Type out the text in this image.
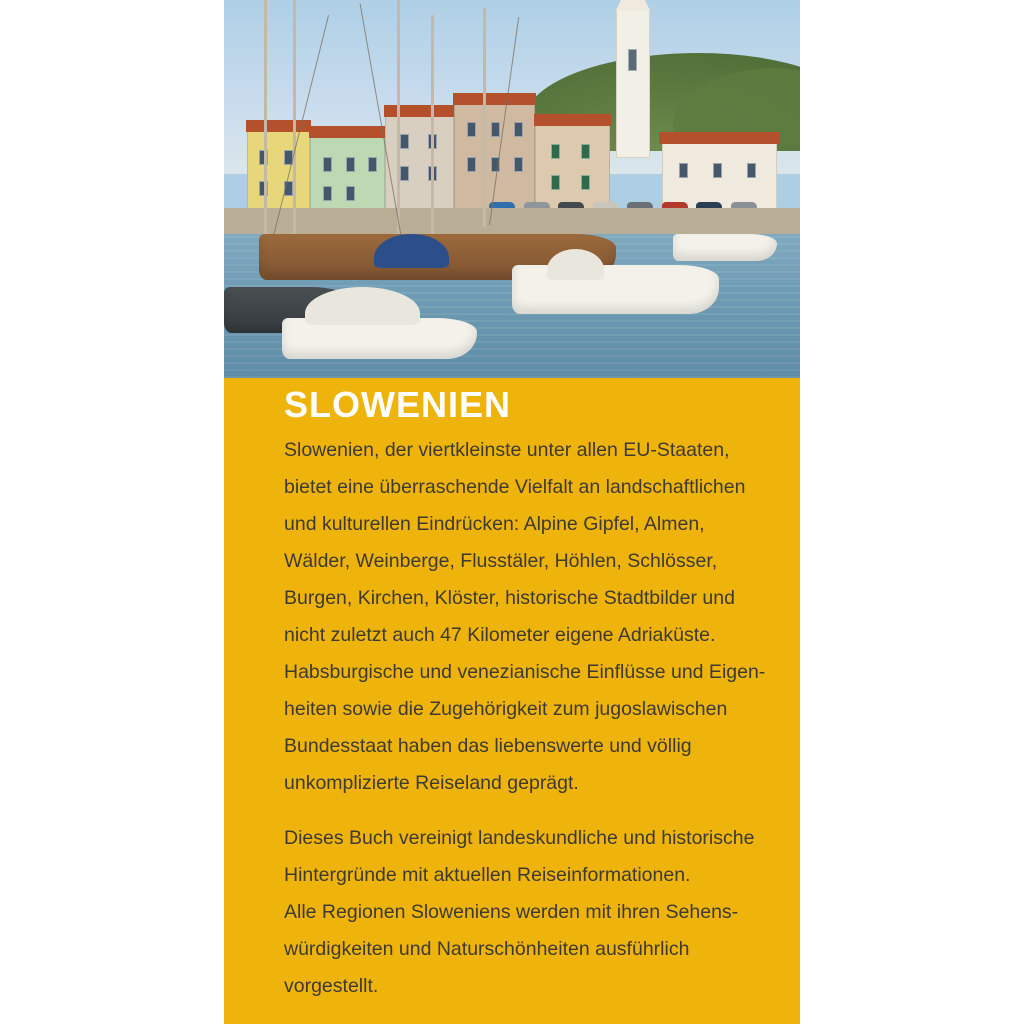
SLOWENIEN

Slowenien, der viertkleinste unter allen EU-Staaten, bietet eine überraschende Vielfalt an landschaftlichen und kulturellen Eindrücken: Alpine Gipfel, Almen, Wälder, Weinberge, Flusstäler, Höhlen, Schlösser, Burgen, Kirchen, Klöster, historische Stadtbilder und nicht zuletzt auch 47 Kilometer eigene Adriaküste. Habsburgische und venezianische Einflüsse und Eigen-heiten sowie die Zugehörigkeit zum jugoslawischen Bundesstaat haben das liebenswerte und völlig unkomplizierte Reiseland geprägt.

Dieses Buch vereinigt landeskundliche und historische Hintergründe mit aktuellen Reiseinformationen.

Alle Regionen Sloweniens werden mit ihren Sehens-würdigkeiten und Naturschönheiten ausführlich vorgestellt.
